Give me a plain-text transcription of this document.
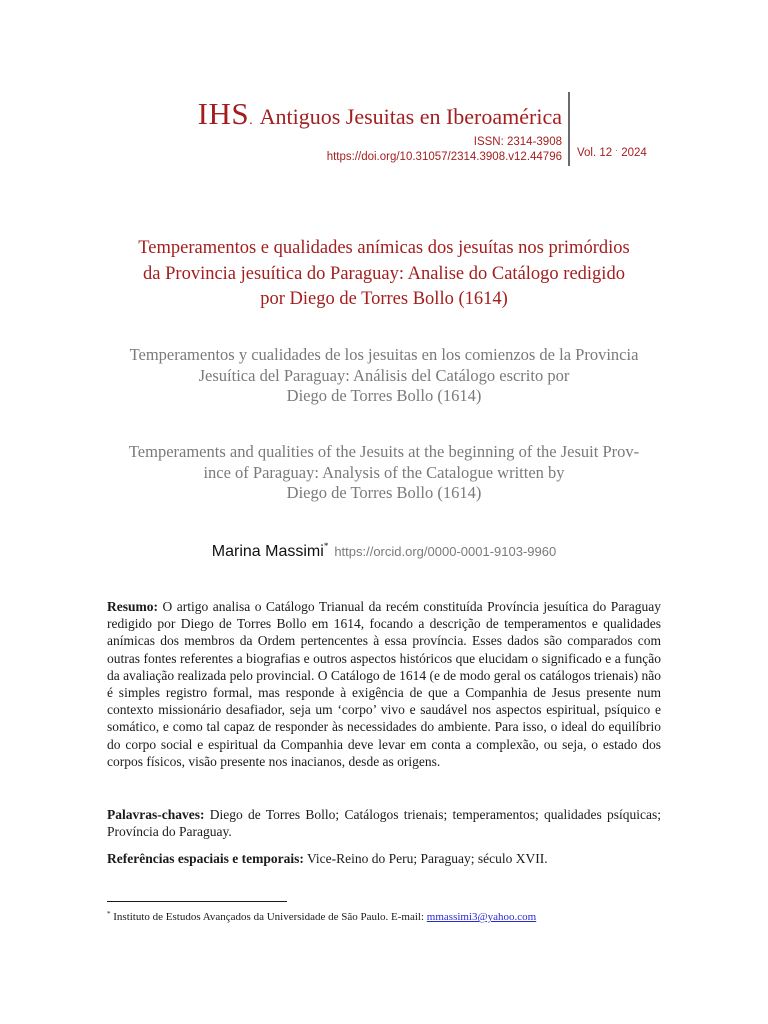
IHS. Antiguos Jesuitas en Iberoamérica
ISSN: 2314-3908
https://doi.org/10.31057/2314.3908.v12.44796 Vol. 12 · 2024
Temperamentos e qualidades anímicas dos jesuítas nos primórdios
da Provincia jesuítica do Paraguay: Analise do Catálogo redigido
por Diego de Torres Bollo (1614)
Temperamentos y cualidades de los jesuitas en los comienzos de la Provincia
Jesuítica del Paraguay: Análisis del Catálogo escrito por
Diego de Torres Bollo (1614)
Temperaments and qualities of the Jesuits at the beginning of the Jesuit Prov-
ince of Paraguay: Analysis of the Catalogue written by
Diego de Torres Bollo (1614)
Marina Massimi* https://orcid.org/0000-0001-9103-9960

Resumo: O artigo analisa o Catálogo Trianual da recém constituída Província jesuítica do Paraguay redigido por Diego de Torres Bollo em 1614, focando a descrição de temperamentos e qualidades anímicas dos membros da Ordem pertencentes à essa província. Esses dados são comparados com outras fontes referentes a biografias e outros aspectos históricos que elucidam o significado e a função da avaliação realizada pelo provincial. O Catálogo de 1614 (e de modo geral os catálogos trienais) não é simples registro formal, mas responde à exigência de que a Companhia de Jesus presente num contexto missionário desafiador, seja um ‘corpo’ vivo e saudável nos aspectos espiritual, psíquico e somático, e como tal capaz de responder às necessidades do ambiente. Para isso, o ideal do equilíbrio do corpo social e espiritual da Companhia deve levar em conta a complexão, ou seja, o estado dos corpos físicos, visão presente nos inacianos, desde as origens.

Palavras-chaves: Diego de Torres Bollo; Catálogos trienais; temperamentos; qualidades psíquicas; Província do Paraguay.

Referências espaciais e temporais: Vice-Reino do Peru; Paraguay; século XVII.

* Instituto de Estudos Avançados da Universidade de São Paulo. E-mail: mmassimi3@yahoo.com
